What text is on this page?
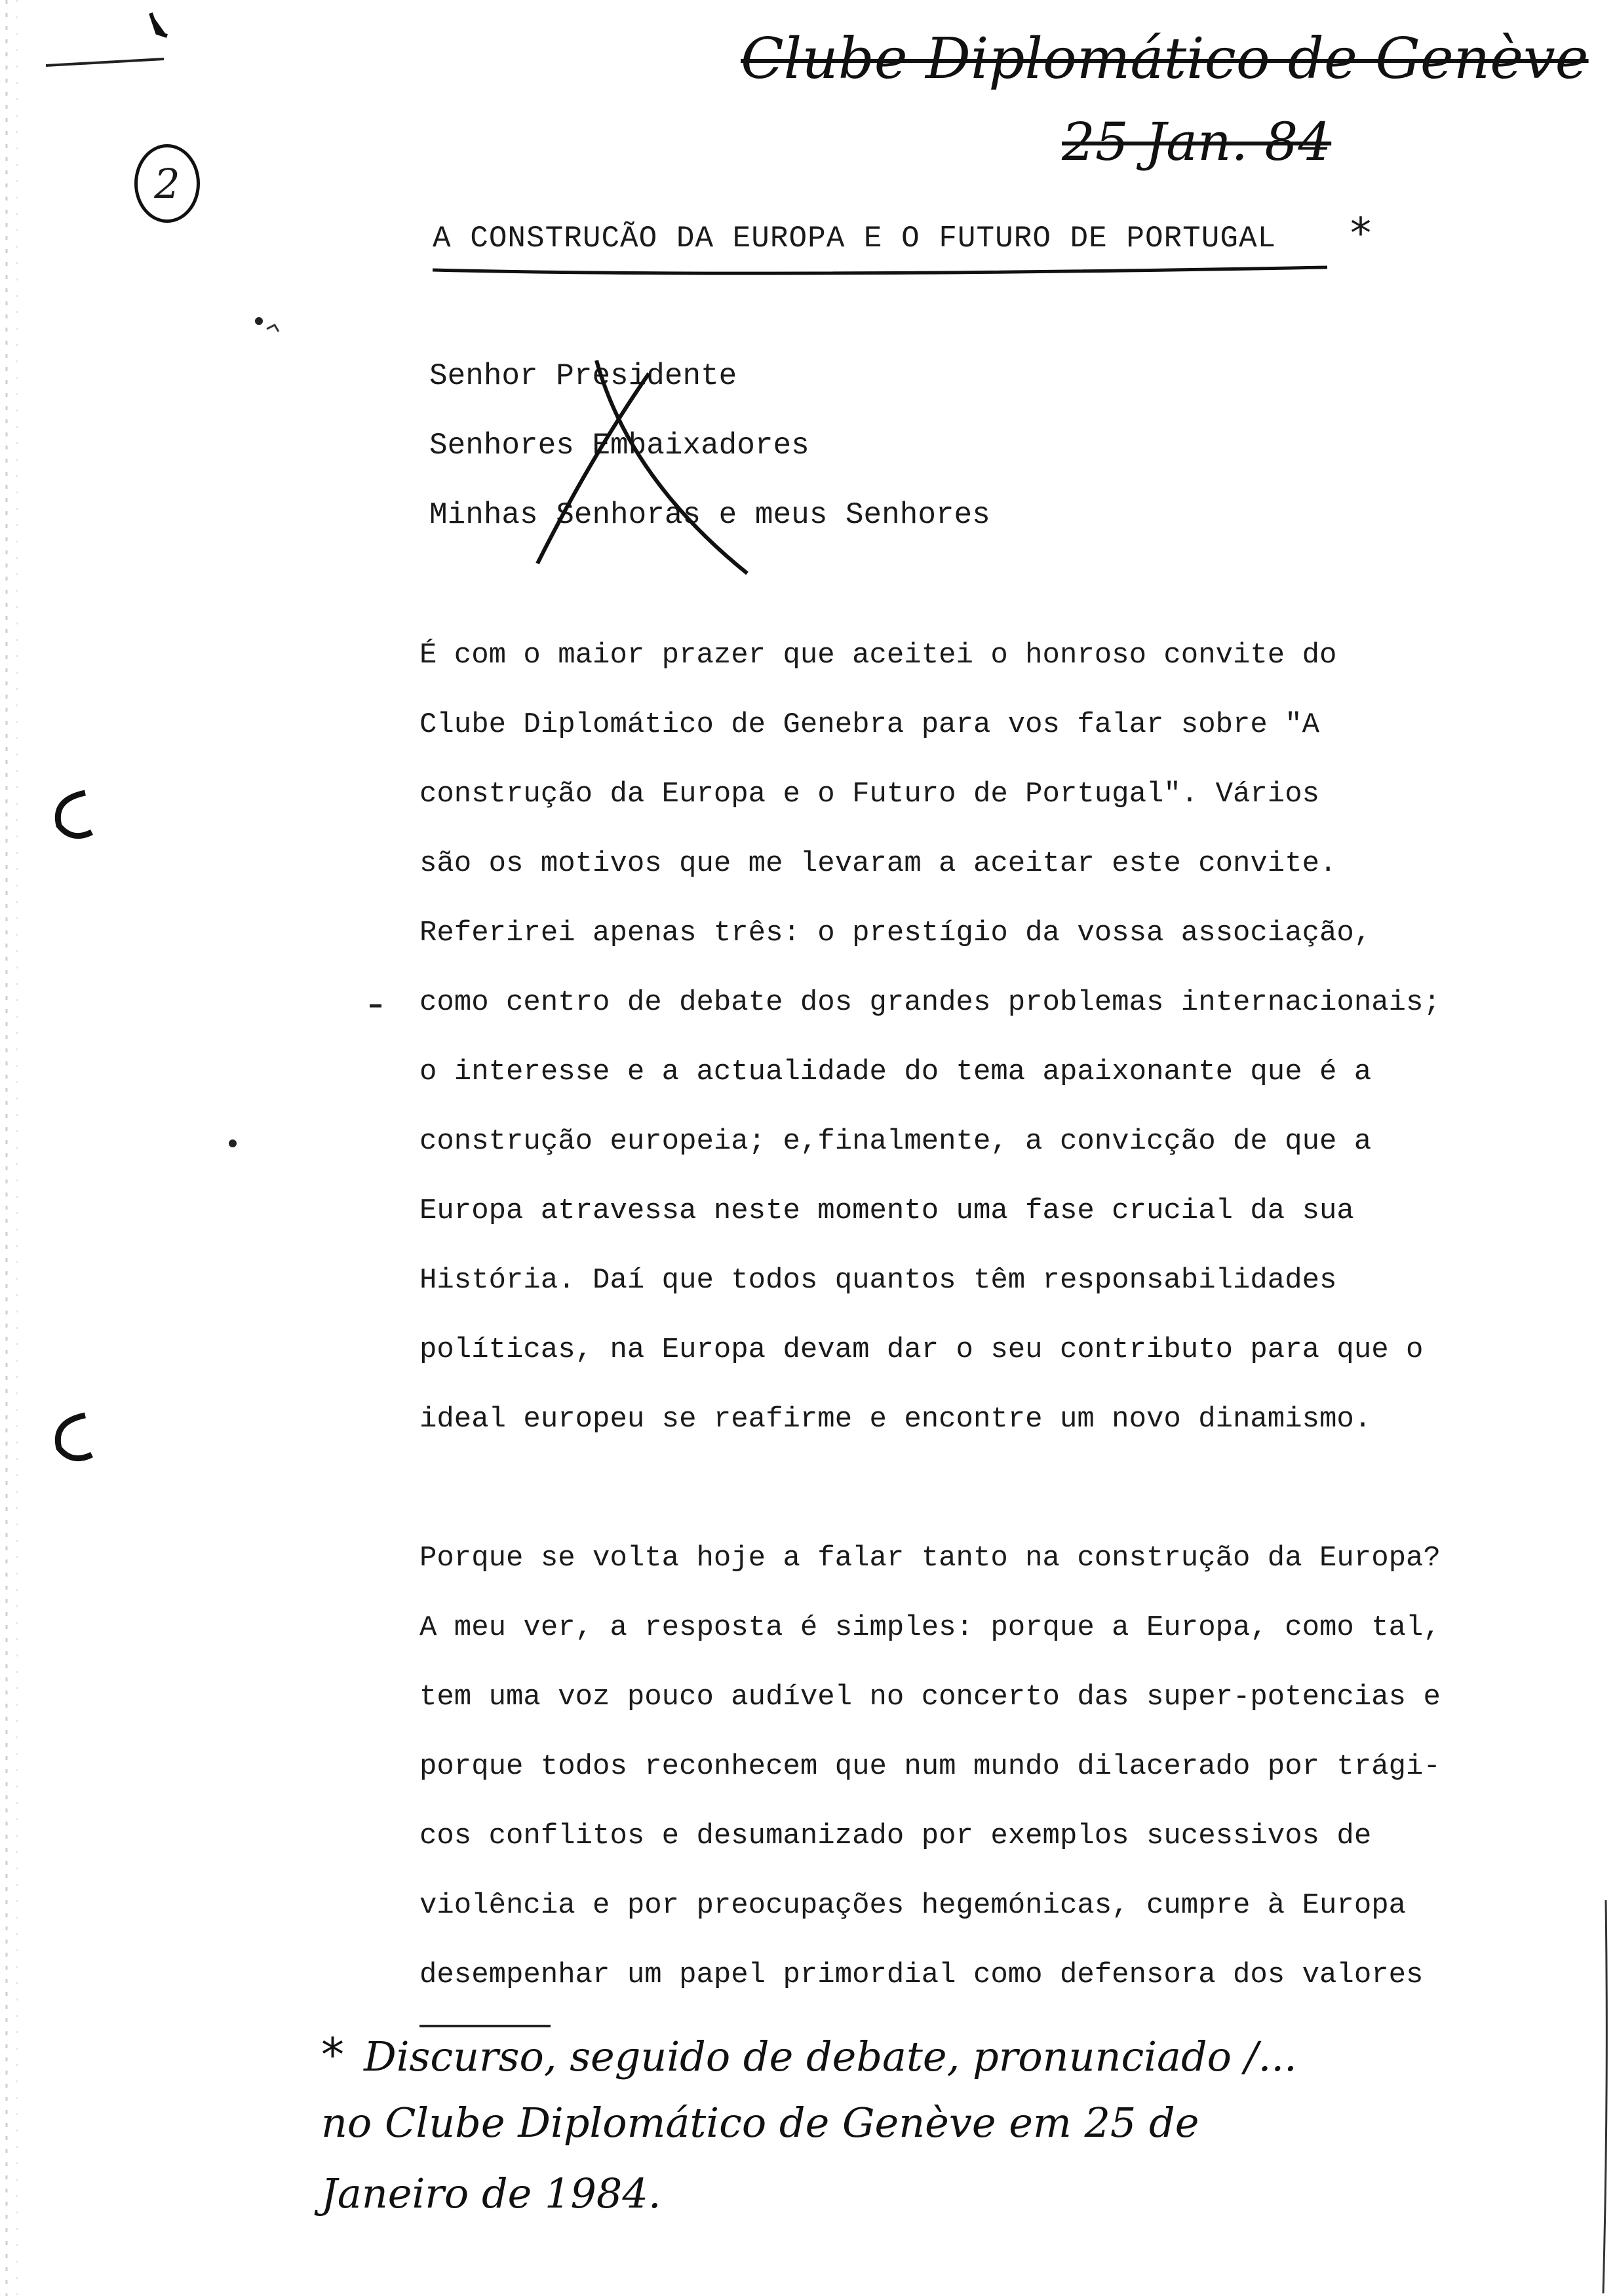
Clube Diplomático de Genève
25 Jan. 84
2
A CONSTRUCÃO DA EUROPA E O FUTURO DE PORTUGAL *
Senhor Presidente
Senhores Embaixadores
Minhas Senhoras e meus Senhores
É com o maior prazer que aceitei o honroso convite do
Clube Diplomático de Genebra para vos falar sobre "A
construção da Europa e o Futuro de Portugal". Vários
são os motivos que me levaram a aceitar este convite.
Referirei apenas três: o prestígio da vossa associação,
como centro de debate dos grandes problemas internacionais;
o interesse e a actualidade do tema apaixonante que é a
construção europeia; e,finalmente, a convicção de que a
Europa atravessa neste momento uma fase crucial da sua
História. Daí que todos quantos têm responsabilidades
políticas, na Europa devam dar o seu contributo para que o
ideal europeu se reafirme e encontre um novo dinamismo.
Porque se volta hoje a falar tanto na construção da Europa?
A meu ver, a resposta é simples: porque a Europa, como tal,
tem uma voz pouco audível no concerto das super-potencias e
porque todos reconhecem que num mundo dilacerado por trági-
cos conflitos e desumanizado por exemplos sucessivos de
violência e por preocupações hegemónicas, cumpre à Europa
desempenhar um papel primordial como defensora dos valores
* Discurso, seguido de debate, pronunciado /...
no Clube Diplomático de Genève em 25 de
Janeiro de 1984.
